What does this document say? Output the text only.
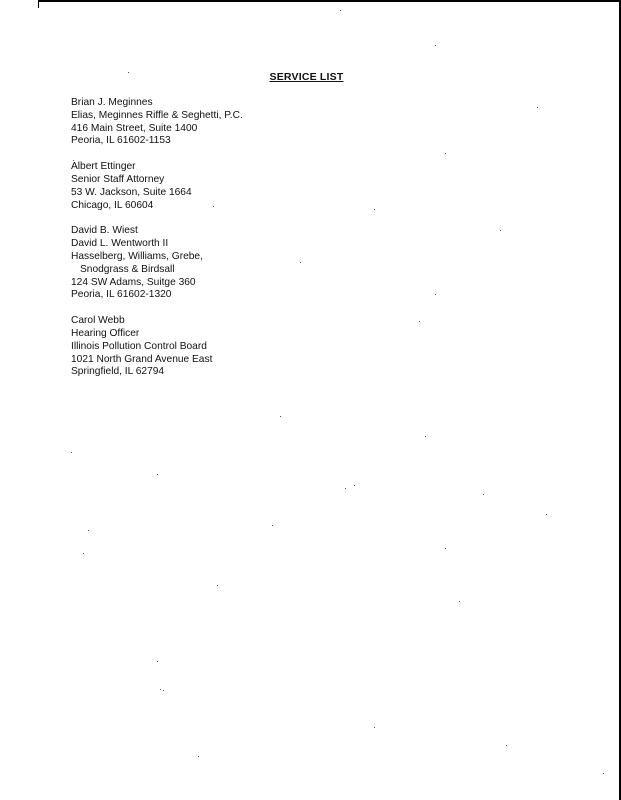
SERVICE LIST
Brian J. Meginnes
Elias, Meginnes Riffle & Seghetti, P.C.
416 Main Street, Suite 1400
Peoria, IL 61602-1153
Albert Ettinger
Senior Staff Attorney
53 W. Jackson, Suite 1664
Chicago, IL 60604
David B. Wiest
David L. Wentworth II
Hasselberg, Williams, Grebe,
Snodgrass & Birdsall
124 SW Adams, Suitge 360
Peoria, IL 61602-1320
Carol Webb
Hearing Officer
Illinois Pollution Control Board
1021 North Grand Avenue East
Springfield, IL 62794
